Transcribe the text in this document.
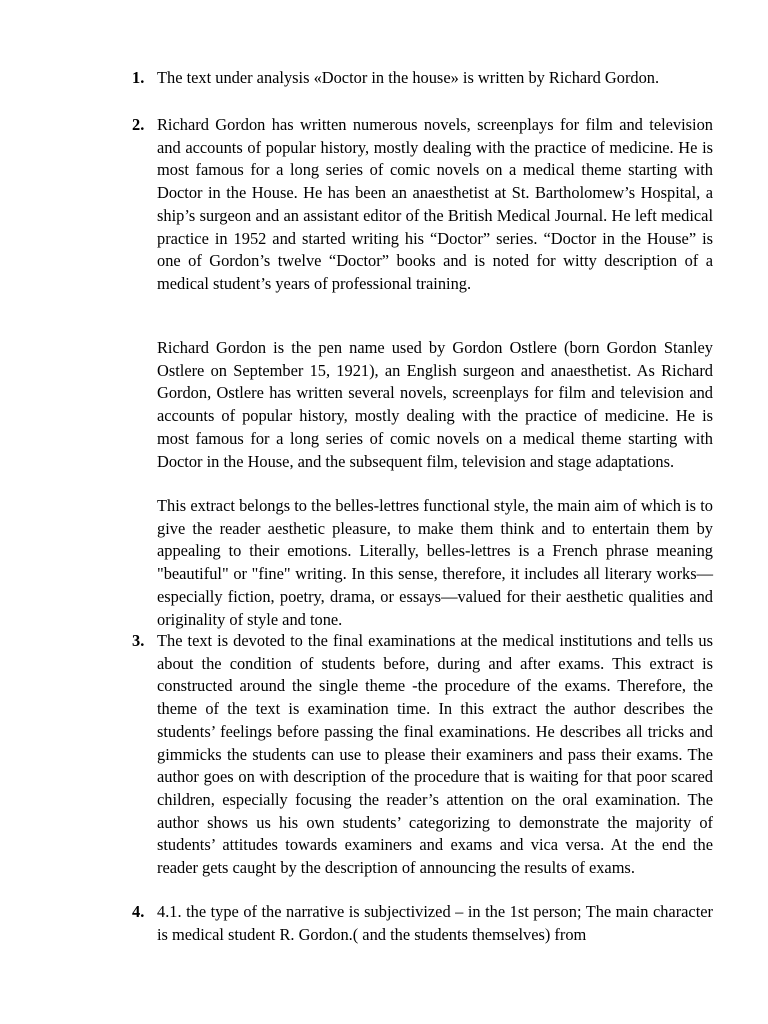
1. The text under analysis «Doctor in the house» is written by Richard Gordon.

2. Richard Gordon has written numerous novels, screenplays for film and television and accounts of popular history, mostly dealing with the practice of medicine. He is most famous for a long series of comic novels on a medical theme starting with Doctor in the House. He has been an anaesthetist at St. Bartholomew’s Hospital, a ship’s surgeon and an assistant editor of the British Medical Journal. He left medical practice in 1952 and started writing his “Doctor” series. “Doctor in the House” is one of Gordon’s twelve “Doctor” books and is noted for witty description of a medical student’s years of professional training.

Richard Gordon is the pen name used by Gordon Ostlere (born Gordon Stanley Ostlere on September 15, 1921), an English surgeon and anaesthetist. As Richard Gordon, Ostlere has written several novels, screenplays for film and television and accounts of popular history, mostly dealing with the practice of medicine. He is most famous for a long series of comic novels on a medical theme starting with Doctor in the House, and the subsequent film, television and stage adaptations.

This extract belongs to the belles-lettres functional style, the main aim of which is to give the reader aesthetic pleasure, to make them think and to entertain them by appealing to their emotions. Literally, belles-lettres is a French phrase meaning "beautiful" or "fine" writing. In this sense, therefore, it includes all literary works—especially fiction, poetry, drama, or essays—valued for their aesthetic qualities and originality of style and tone.

3. The text is devoted to the final examinations at the medical institutions and tells us about the condition of students before, during and after exams. This extract is constructed around the single theme -the procedure of the exams. Therefore, the theme of the text is examination time. In this extract the author describes the students’ feelings before passing the final examinations. He describes all tricks and gimmicks the students can use to please their examiners and pass their exams. The author goes on with description of the procedure that is waiting for that poor scared children, especially focusing the reader’s attention on the oral examination. The author shows us his own students’ categorizing to demonstrate the majority of students’ attitudes towards examiners and exams and vica versa. At the end the reader gets caught by the description of announcing the results of exams.

4. 4.1. the type of the narrative is subjectivized – in the 1st person; The main character is medical student R. Gordon.( and the students themselves) from
